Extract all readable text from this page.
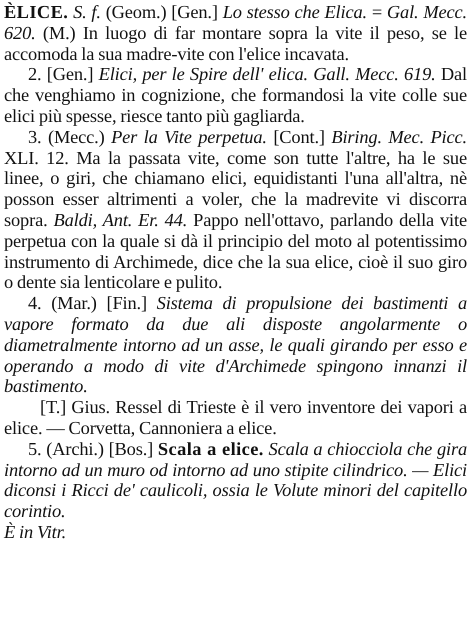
ÈLICE. S. f. (Geom.) [Gen.] Lo stesso che Elica. = Gal. Mecc. 620. (M.) In luogo di far montare sopra la vite il peso, se le accomoda la sua madre-vite con l'elice incavata.

2. [Gen.] Elici, per le Spire dell' elica. Gall. Mecc. 619. Dal che venghiamo in cognizione, che formandosi la vite colle sue elici più spesse, riesce tanto più gagliarda.

3. (Mecc.) Per la Vite perpetua. [Cont.] Biring. Mec. Picc. XLI. 12. Ma la passata vite, come son tutte l'altre, ha le sue linee, o giri, che chiamano elici, equidistanti l'una all'altra, nè posson esser altrimenti a voler, che la madrevite vi discorra sopra. Baldi, Ant. Er. 44. Pappo nell'ottavo, parlando della vite perpetua con la quale si dà il principio del moto al potentissimo instrumento di Archimede, dice che la sua elice, cioè il suo giro o dente sia lenticolare e pulito.

4. (Mar.) [Fin.] Sistema di propulsione dei bastimenti a vapore formato da due ali disposte angolarmente o diametralmente intorno ad un asse, le quali girando per esso e operando a modo di vite d'Archimede spingono innanzi il bastimento.

[T.] Gius. Ressel di Trieste è il vero inventore dei vapori a elice. — Corvetta, Cannoniera a elice.

5. (Archi.) [Bos.] Scala a elice. Scala a chiocciola che gira intorno ad un muro od intorno ad uno stipite cilindrico. — Elici diconsi i Ricci de' caulicoli, ossia le Volute minori del capitello corintio.

È in Vitr.
